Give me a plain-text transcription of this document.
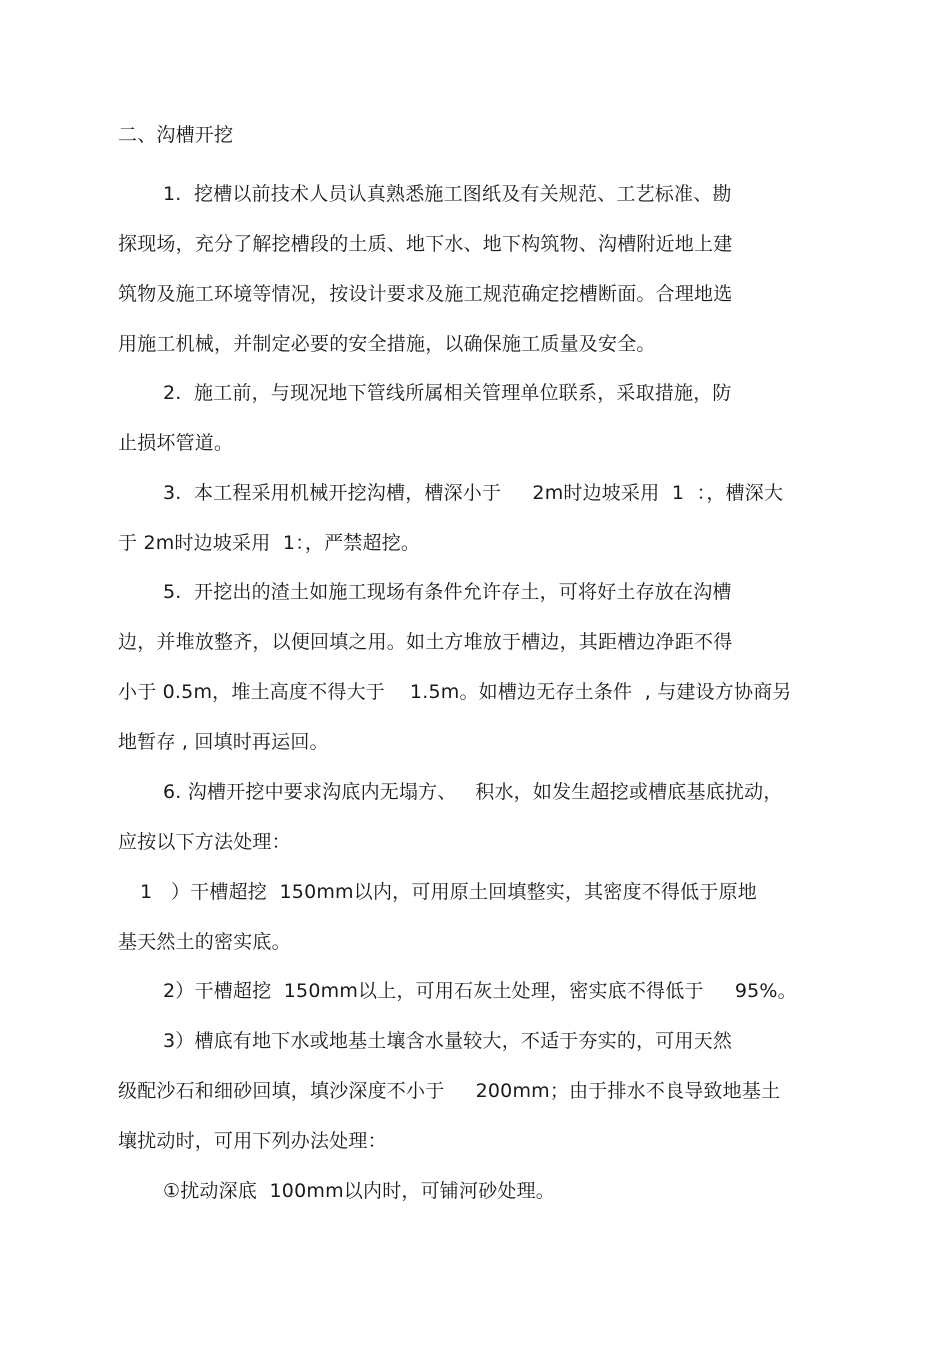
二、沟槽开挖
1.  挖槽以前技术人员认真熟悉施工图纸及有关规范、工艺标准、勘
探现场，充分了解挖槽段的土质、地下水、地下构筑物、沟槽附近地上建
筑物及施工环境等情况，按设计要求及施工规范确定挖槽断面。合理地选
用施工机械，并制定必要的安全措施，以确保施工质量及安全。
2.  施工前，与现况地下管线所属相关管理单位联系，采取措施，防
止损坏管道。
3.  本工程采用机械开挖沟槽，槽深小于     2m时边坡采用  1  ：，槽深大
于 2m时边坡采用  1：，严禁超挖。
5.  开挖出的渣土如施工现场有条件允许存土，可将好土存放在沟槽
边，并堆放整齐，以便回填之用。如土方堆放于槽边，其距槽边净距不得
小于 0.5m，堆土高度不得大于    1.5m。如槽边无存土条件  , 与建设方协商另
地暂存 , 回填时再运回。
6. 沟槽开挖中要求沟底内无塌方、   积水，如发生超挖或槽底基底扰动，
应按以下方法处理：
1   ）干槽超挖  150mm以内，可用原土回填整实，其密度不得低于原地
基天然土的密实底。
2）干槽超挖  150mm以上，可用石灰土处理，密实底不得低于     95%。
3）槽底有地下水或地基土壤含水量较大，不适于夯实的，可用天然
级配沙石和细砂回填，填沙深度不小于     200mm；由于排水不良导致地基土
壤扰动时，可用下列办法处理：
①扰动深底  100mm以内时，可铺河砂处理。
